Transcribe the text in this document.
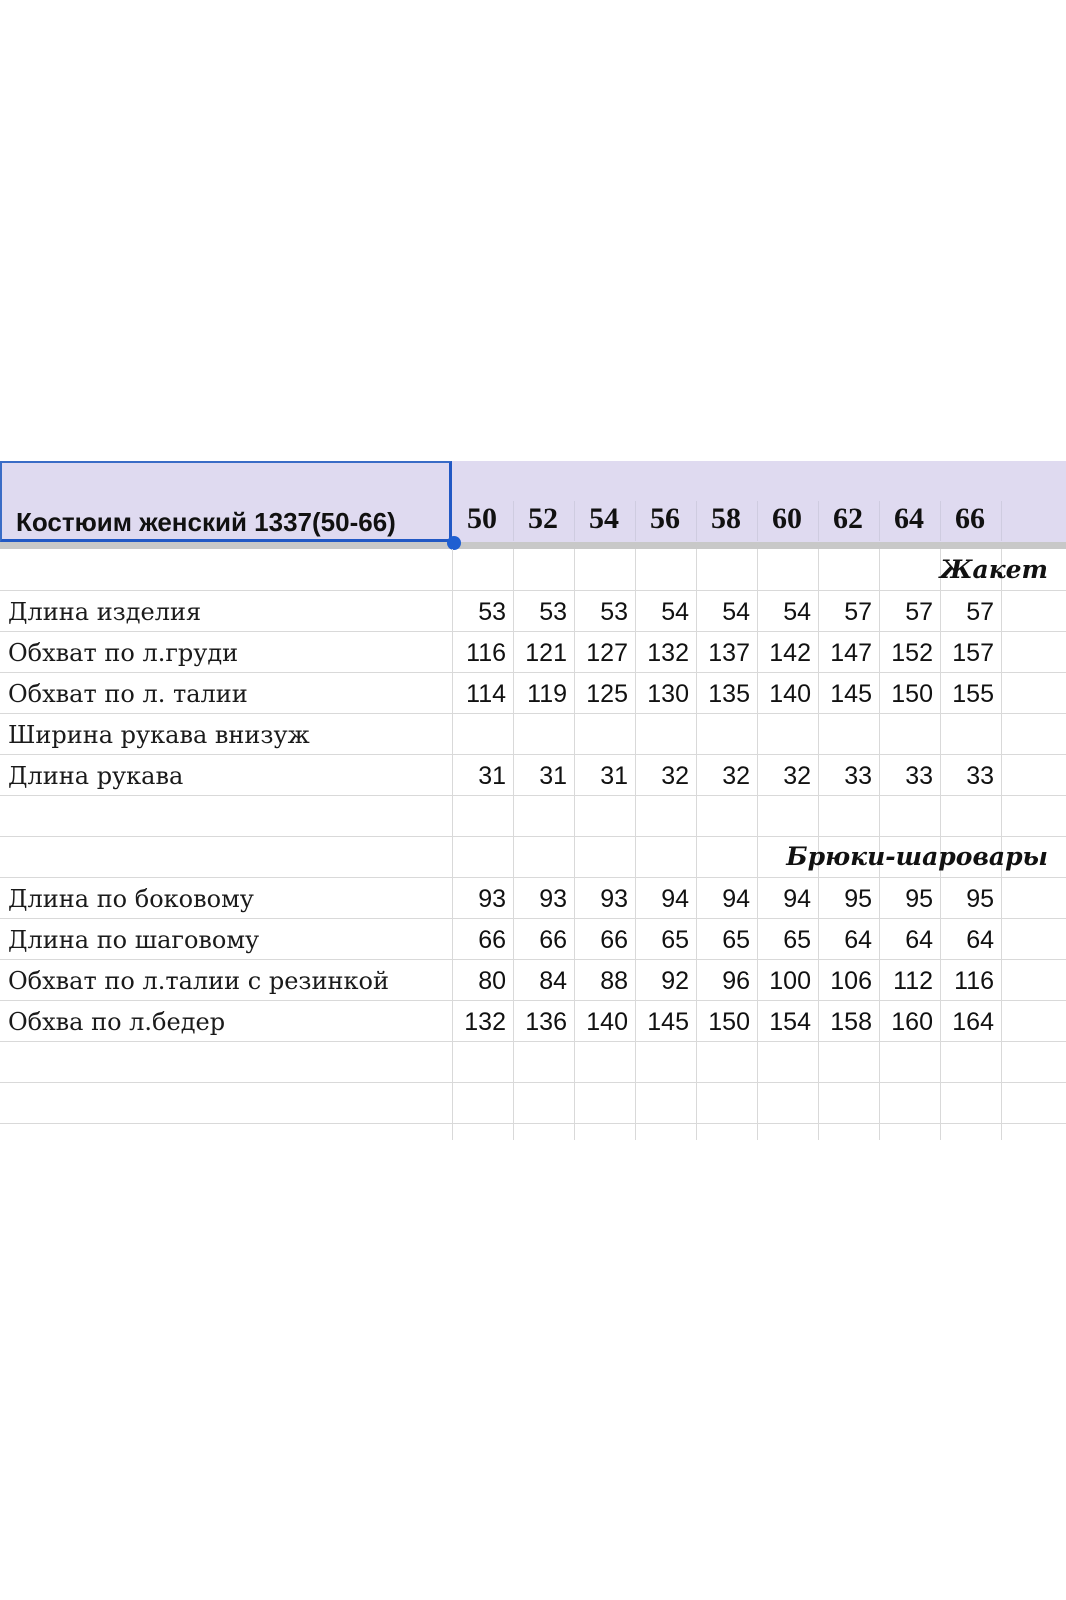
Костюим женский 1337(50-66)	50	52	54	56	58	60	62	64	66
Жакет
Длина изделия	53	53	53	54	54	54	57	57	57
Обхват по л.груди	116 121 127 132 137 142 147 152 157
Обхват по л. талии	114 119 125 130 135 140 145 150 155
Ширина рукава внизуж
Длина рукава	31	31	31	32	32	32	33	33	33
Брюки-шаровары
Длина по боковому	93	93	93	94	94	94	95	95	95
Длина по шаговому	66	66	66	65	65	65	64	64	64
Обхват по л.талии с резинкой	80	84	88	92	96 100 106 112 116
Обхва по л.бедер	132 136 140 145 150 154 158 160 164
